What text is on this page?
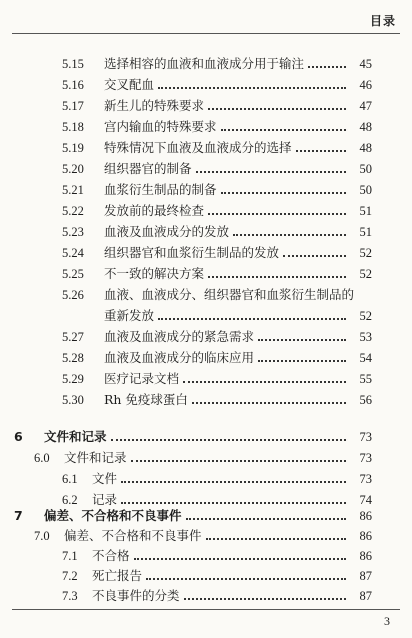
目录
5.15	选择相容的血液和血液成分用于输注	45
5.16	交叉配血	46
5.17	新生儿的特殊要求	47
5.18	宫内输血的特殊要求	48
5.19	特殊情况下血液及血液成分的选择	48
5.20	组织器官的制备	50
5.21	血浆衍生制品的制备	50
5.22	发放前的最终检查	51
5.23	血液及血液成分的发放	51
5.24	组织器官和血浆衍生制品的发放	52
5.25	不一致的解决方案	52
5.26	血液、血液成分、组织器官和血浆衍生制品的
重新发放	52
5.27	血液及血液成分的紧急需求	53
5.28	血液及血液成分的临床应用	54
5.29	医疗记录文档	55
5.30	Rh 免疫球蛋白	56
6	文件和记录	73
6.0	文件和记录	73
6.1	文件	73
6.2	记录	74
7	偏差、不合格和不良事件	86
7.0	偏差、不合格和不良事件	86
7.1	不合格	86
7.2	死亡报告	87
7.3	不良事件的分类	87
3
